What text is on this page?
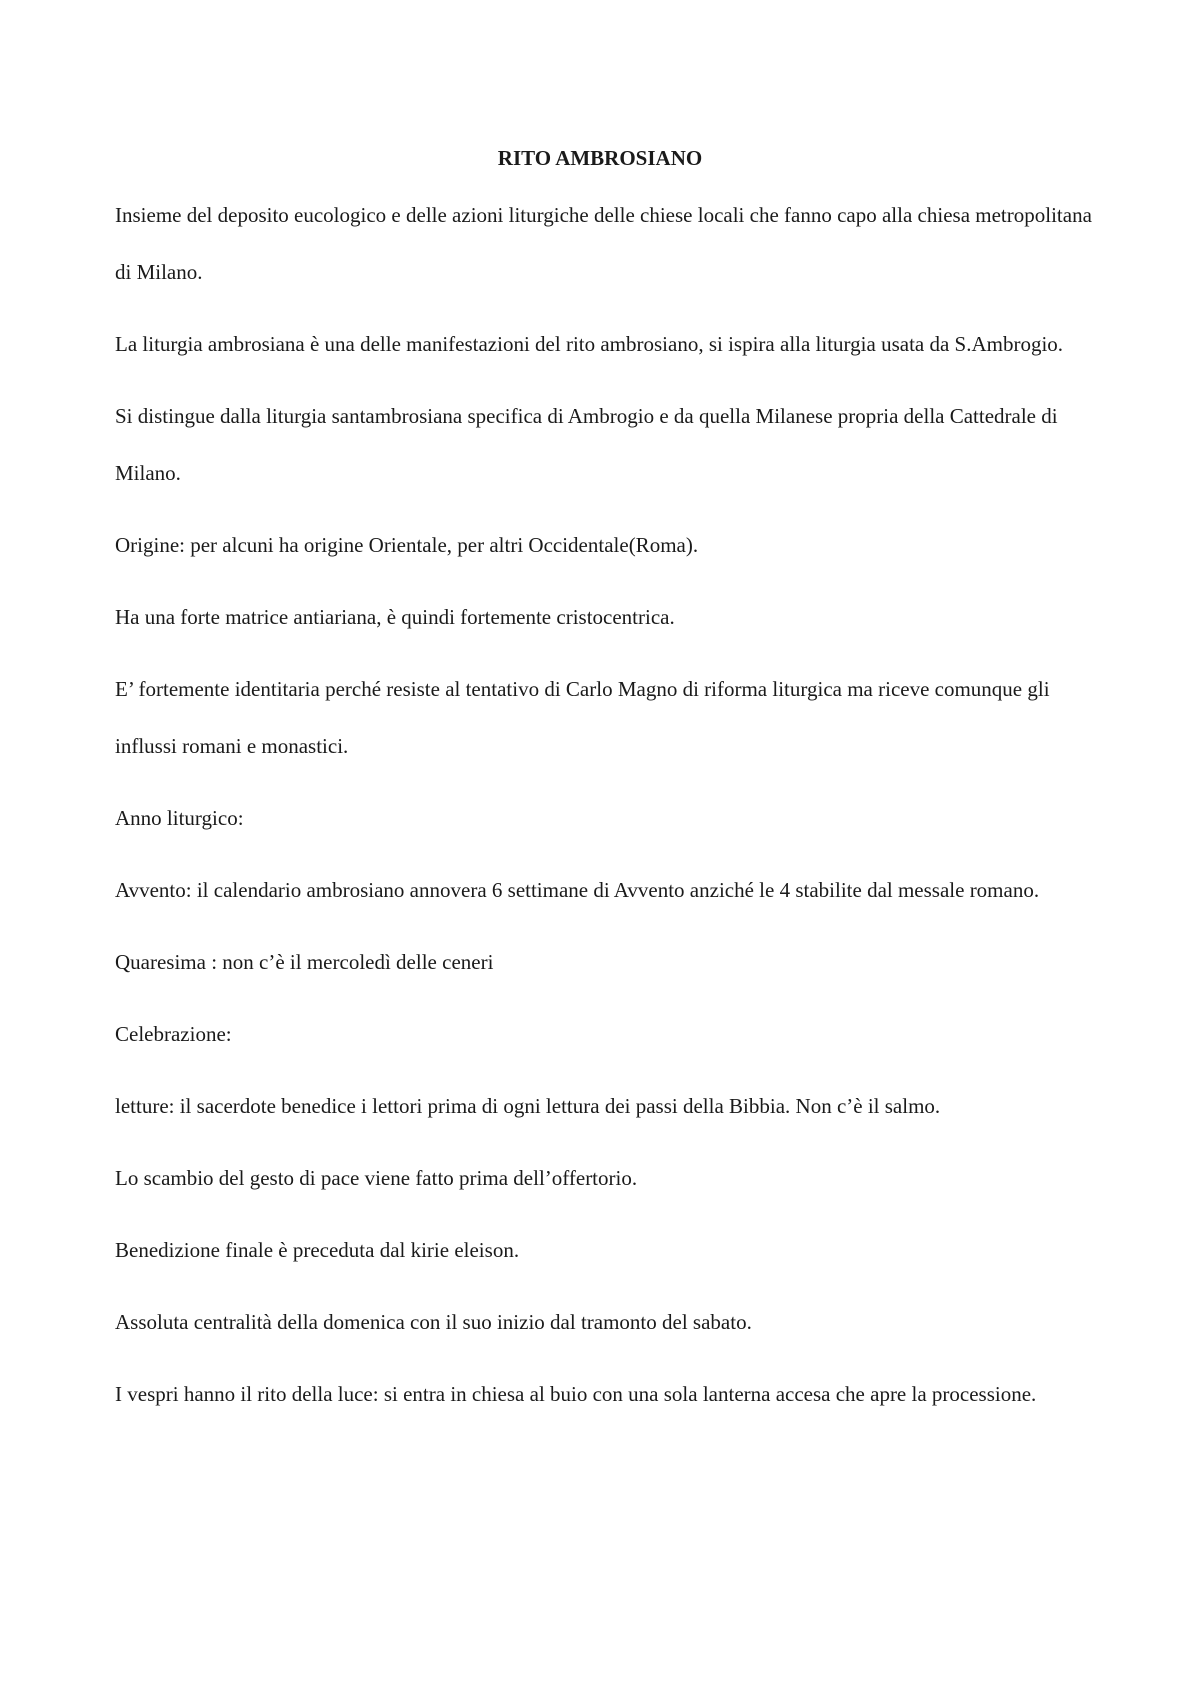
RITO AMBROSIANO

Insieme del deposito eucologico e delle azioni liturgiche delle chiese locali che fanno capo alla chiesa metropolitana di Milano.

La liturgia ambrosiana è una delle manifestazioni del rito ambrosiano, si ispira alla liturgia usata da S.Ambrogio.

Si distingue dalla liturgia santambrosiana specifica di Ambrogio e da quella Milanese propria della Cattedrale di Milano.

Origine: per alcuni ha origine Orientale, per altri Occidentale(Roma).

Ha una forte matrice antiariana, è quindi fortemente cristocentrica.

E’ fortemente identitaria perché resiste al tentativo di Carlo Magno di riforma liturgica ma riceve comunque gli influssi romani e monastici.

Anno liturgico:

Avvento: il calendario ambrosiano annovera 6 settimane di Avvento anziché le 4 stabilite dal messale romano.

Quaresima : non c’è il mercoledì delle ceneri

Celebrazione:

letture: il sacerdote benedice i lettori prima di ogni lettura dei passi della Bibbia. Non c’è il salmo.

Lo scambio del gesto di pace viene fatto prima dell’offertorio.

Benedizione finale è preceduta dal kirie eleison.

Assoluta centralità della domenica con il suo inizio dal tramonto del sabato.

I vespri hanno il rito della luce: si entra in chiesa al buio con una sola lanterna accesa che apre la processione.
